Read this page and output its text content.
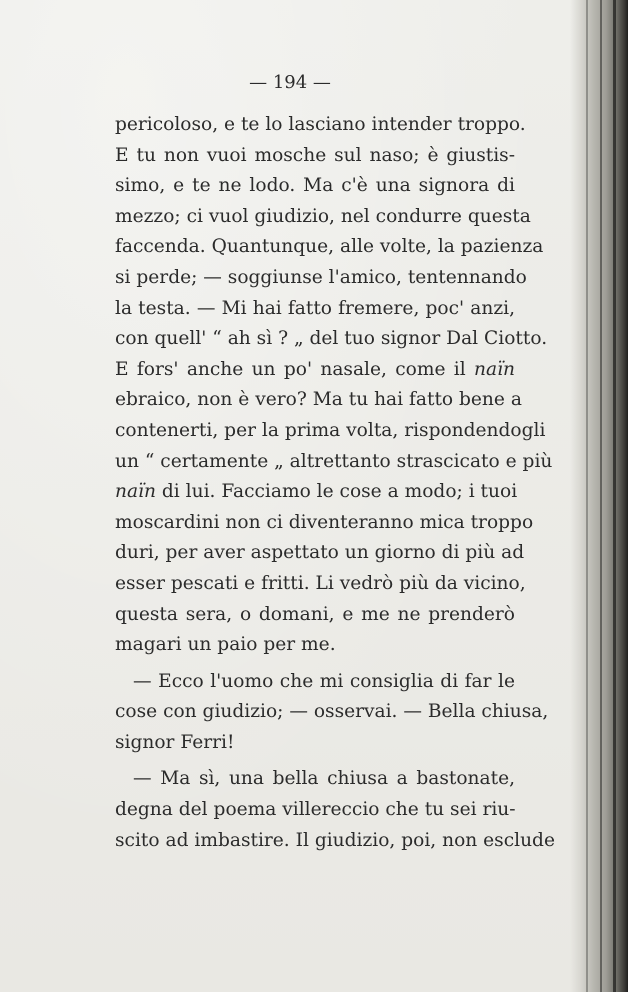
— 194 —
pericoloso, e te lo lasciano intender troppo.
E tu non vuoi mosche sul naso; è giustis-
simo, e te ne lodo. Ma c'è una signora di
mezzo; ci vuol giudizio, nel condurre questa
faccenda. Quantunque, alle volte, la pazienza
si perde; — soggiunse l'amico, tentennando
la testa. — Mi hai fatto fremere, poc' anzi,
con quell' “ ah sì ? „ del tuo signor Dal Ciotto.
E fors' anche un po' nasale, come il naïn
ebraico, non è vero? Ma tu hai fatto bene a
contenerti, per la prima volta, rispondendogli
un “ certamente „ altrettanto strascicato e più
naïn di lui. Facciamo le cose a modo; i tuoi
moscardini non ci diventeranno mica troppo
duri, per aver aspettato un giorno di più ad
esser pescati e fritti. Li vedrò più da vicino,
questa sera, o domani, e me ne prenderò
magari un paio per me.
— Ecco l'uomo che mi consiglia di far le
cose con giudizio; — osservai. — Bella chiusa,
signor Ferri!
— Ma sì, una bella chiusa a bastonate,
degna del poema villereccio che tu sei riu-
scito ad imbastire. Il giudizio, poi, non esclude
